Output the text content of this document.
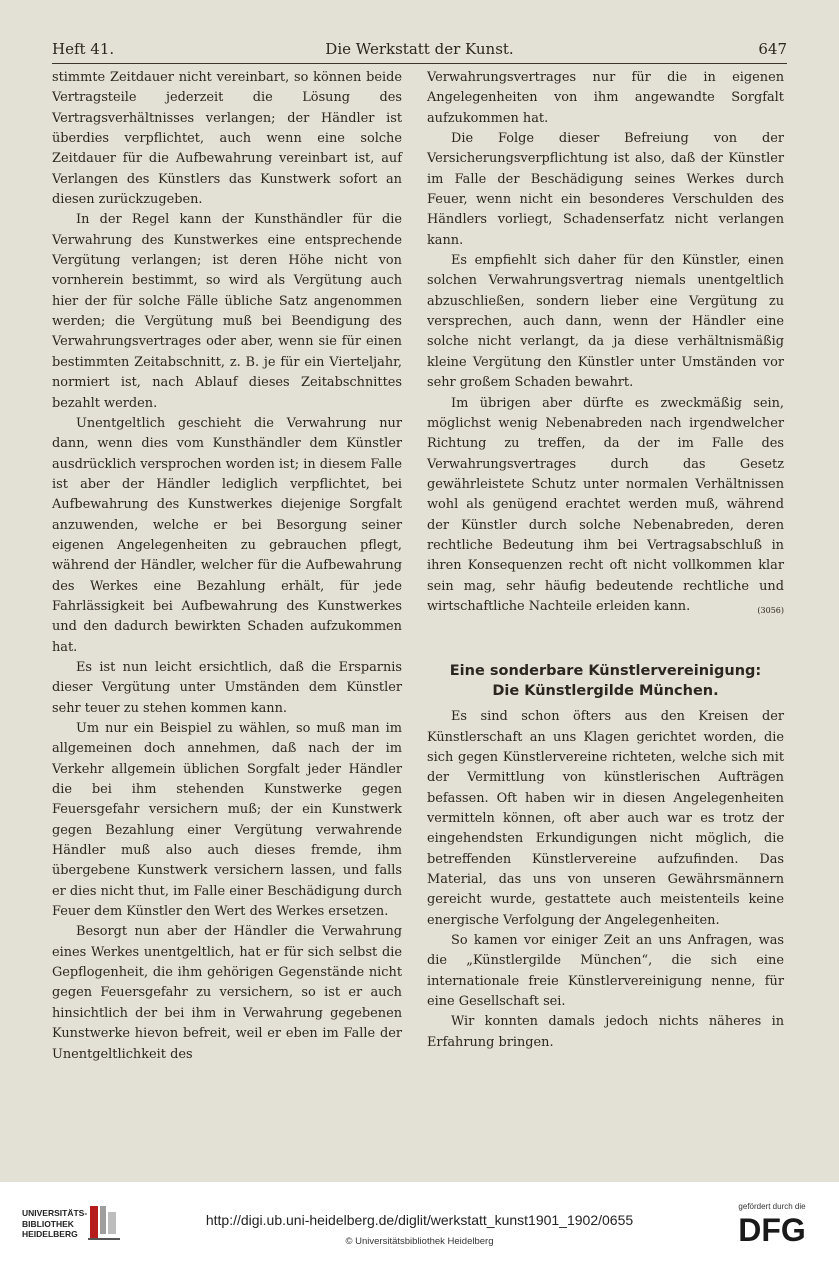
Heft 41.	Die Werkstatt der Kunst.	647

stimmte Zeitdauer nicht vereinbart, so können beide Vertragsteile jederzeit die Lösung des Vertragsverhältnisses verlangen; der Händler ist überdies verpflichtet, auch wenn eine solche Zeitdauer für die Aufbewahrung vereinbart ist, auf Verlangen des Künstlers das Kunstwerk sofort an diesen zurückzugeben.

In der Regel kann der Kunsthändler für die Verwahrung des Kunstwerkes eine entsprechende Vergütung verlangen; ist deren Höhe nicht von vornherein bestimmt, so wird als Vergütung auch hier der für solche Fälle übliche Satz angenommen werden; die Vergütung muß bei Beendigung des Verwahrungsvertrages oder aber, wenn sie für einen bestimmten Zeitabschnitt, z. B. je für ein Vierteljahr, normiert ist, nach Ablauf dieses Zeitabschnittes bezahlt werden.

Unentgeltlich geschieht die Verwahrung nur dann, wenn dies vom Kunsthändler dem Künstler ausdrücklich versprochen worden ist; in diesem Falle ist aber der Händler lediglich verpflichtet, bei Aufbewahrung des Kunstwerkes diejenige Sorgfalt anzuwenden, welche er bei Besorgung seiner eigenen Angelegenheiten zu gebrauchen pflegt, während der Händler, welcher für die Aufbewahrung des Werkes eine Bezahlung erhält, für jede Fahrlässigkeit bei Aufbewahrung des Kunstwerkes und den dadurch bewirkten Schaden aufzukommen hat.

Es ist nun leicht ersichtlich, daß die Ersparnis dieser Vergütung unter Umständen dem Künstler sehr teuer zu stehen kommen kann.

Um nur ein Beispiel zu wählen, so muß man im allgemeinen doch annehmen, daß nach der im Verkehr allgemein üblichen Sorgfalt jeder Händler die bei ihm stehenden Kunstwerke gegen Feuersgefahr versichern muß; der ein Kunstwerk gegen Bezahlung einer Vergütung verwahrende Händler muß also auch dieses fremde, ihm übergebene Kunstwerk versichern lassen, und falls er dies nicht thut, im Falle einer Beschädigung durch Feuer dem Künstler den Wert des Werkes ersetzen.

Besorgt nun aber der Händler die Verwahrung eines Werkes unentgeltlich, hat er für sich selbst die Gepflogenheit, die ihm gehörigen Gegenstände nicht gegen Feuersgefahr zu versichern, so ist er auch hinsichtlich der bei ihm in Verwahrung gegebenen Kunstwerke hievon befreit, weil er eben im Falle der Unentgeltlichkeit des

Verwahrungsvertrages nur für die in eigenen Angelegenheiten von ihm angewandte Sorgfalt aufzukommen hat.

Die Folge dieser Befreiung von der Versicherungsverpflichtung ist also, daß der Künstler im Falle der Beschädigung seines Werkes durch Feuer, wenn nicht ein besonderes Verschulden des Händlers vorliegt, Schadenserfatz nicht verlangen kann.

Es empfiehlt sich daher für den Künstler, einen solchen Verwahrungsvertrag niemals unentgeltlich abzuschließen, sondern lieber eine Vergütung zu versprechen, auch dann, wenn der Händler eine solche nicht verlangt, da ja diese verhältnismäßig kleine Vergütung den Künstler unter Umständen vor sehr großem Schaden bewahrt.

Im übrigen aber dürfte es zweckmäßig sein, möglichst wenig Nebenabreden nach irgendwelcher Richtung zu treffen, da der im Falle des Verwahrungsvertrages durch das Gesetz gewährleistete Schutz unter normalen Verhältnissen wohl als genügend erachtet werden muß, während der Künstler durch solche Nebenabreden, deren rechtliche Bedeutung ihm bei Vertragsabschluß in ihren Konsequenzen recht oft nicht vollkommen klar sein mag, sehr häufig bedeutende rechtliche und wirtschaftliche Nachteile erleiden kann.	(3056)

Eine sonderbare Künstlervereinigung:

Die Künstlergilde München.

Es sind schon öfters aus den Kreisen der Künstlerschaft an uns Klagen gerichtet worden, die sich gegen Künstlervereine richteten, welche sich mit der Vermittlung von künstlerischen Aufträgen befassen. Oft haben wir in diesen Angelegenheiten vermitteln können, oft aber auch war es trotz der eingehendsten Erkundigungen nicht möglich, die betreffenden Künstlervereine aufzufinden. Das Material, das uns von unseren Gewährsmännern gereicht wurde, gestattete auch meistenteils keine energische Verfolgung der Angelegenheiten.

So kamen vor einiger Zeit an uns Anfragen, was die „Künstlergilde München“, die sich eine internationale freie Künstlervereinigung nenne, für eine Gesellschaft sei.

Wir konnten damals jedoch nichts näheres in Erfahrung bringen.

UNIVERSITÄTS-
BIBLIOTHEK
HEIDELBERG
http://digi.ub.uni-heidelberg.de/diglit/werkstatt_kunst1901_1902/0655
© Universitätsbibliothek Heidelberg
gefördert durch die
DFG
